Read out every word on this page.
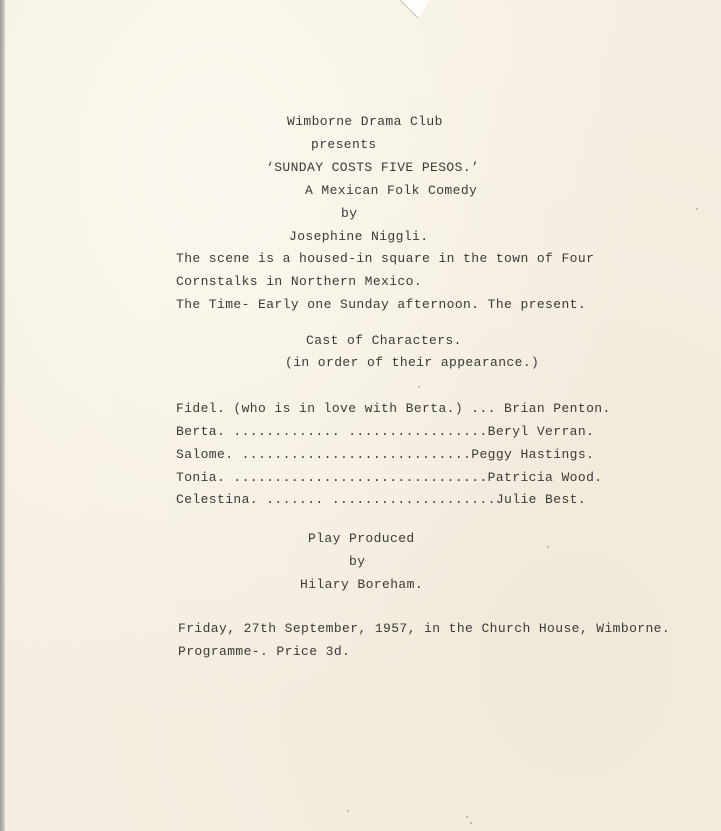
Wimborne Drama Club
presents
‘SUNDAY COSTS FIVE PESOS.’
A Mexican Folk Comedy
by
Josephine Niggli.
The scene is a housed-in square in the town of Four
Cornstalks in Northern Mexico.
The Time- Early one Sunday afternoon. The present.
Cast of Characters.
(in order of their appearance.)
Fidel. (who is in love with Berta.) ... Brian Penton.
Berta. ............. .................Beryl Verran.
Salome. ............................Peggy Hastings.
Tonia. ...............................Patricia Wood.
Celestina. ....... ....................Julie Best.
Play Produced
by
Hilary Boreham.
Friday, 27th September, 1957, in the Church House, Wimborne.
Programme-. Price 3d.
